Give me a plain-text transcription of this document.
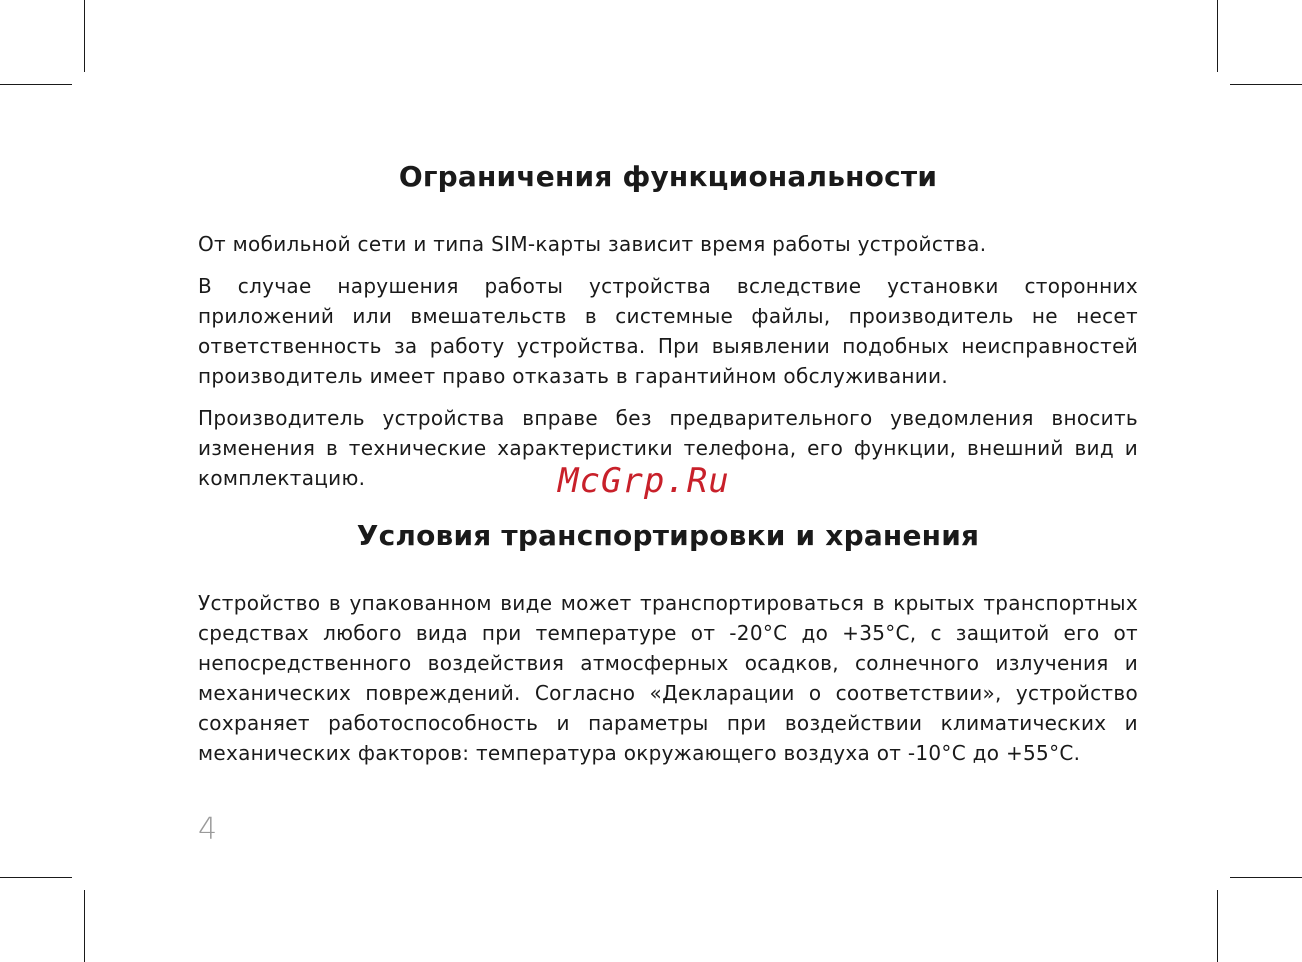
Ограничения функциональности

От мобильной сети и типа SIM-карты зависит время работы устройства.

В случае нарушения работы устройства вследствие установки сторонних приложений или вмешательств в системные файлы, производитель не несет ответственность за работу устройства. При выявлении подобных неисправностей производитель имеет право отказать в гарантийном обслуживании.

Производитель устройства вправе без предварительного уведомления вносить изменения в технические характеристики телефона, его функции, внешний вид и комплектацию.

Условия транспортировки и хранения

Устройство в упакованном виде может транспортироваться в крытых транспортных средствах любого вида при температуре от -20°C до +35°C, с защитой его от непосредственного воздействия атмосферных осадков, солнечного излучения и механических повреждений. Согласно «Декларации о соответствии», устройство сохраняет работоспособность и параметры при воздействии климатических и механических факторов: температура окружающего воздуха от -10°C до +55°C.

McGrp.Ru
4
